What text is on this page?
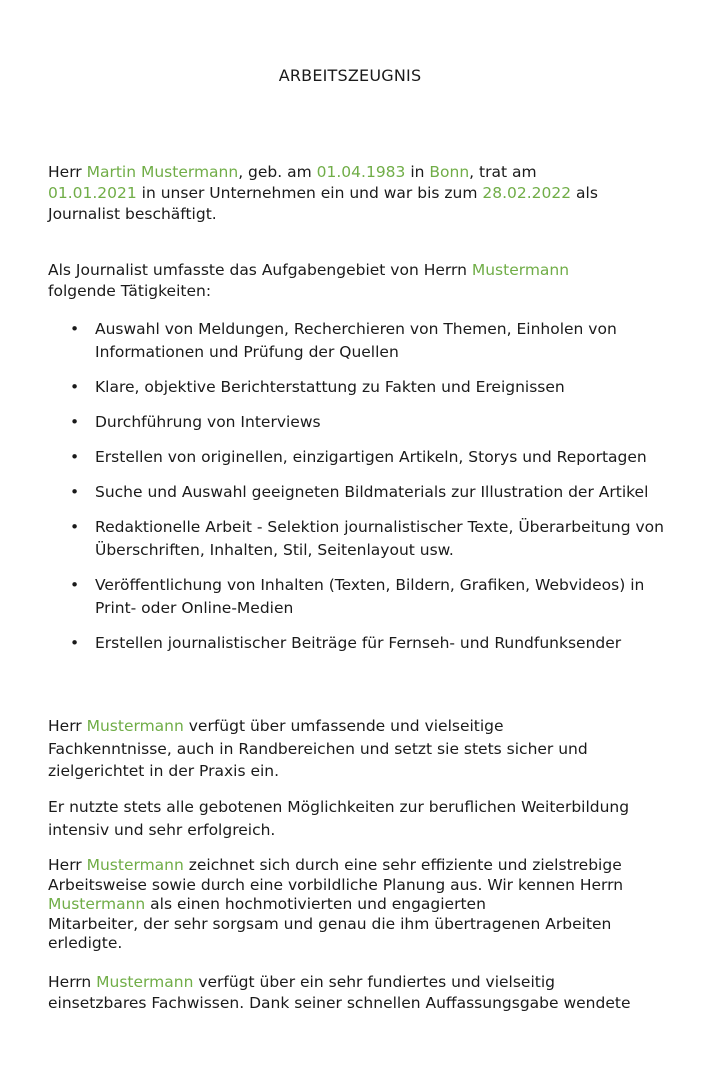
ARBEITSZEUGNIS

Herr Martin Mustermann, geb. am 01.04.1983 in Bonn, trat am
01.01.2021 in unser Unternehmen ein und war bis zum 28.02.2022 als
Journalist beschäftigt.

Als Journalist umfasste das Aufgabengebiet von Herrn Mustermann
folgende Tätigkeiten:

• Auswahl von Meldungen, Recherchieren von Themen, Einholen von Informationen und Prüfung der Quellen
• Klare, objektive Berichterstattung zu Fakten und Ereignissen
• Durchführung von Interviews
• Erstellen von originellen, einzigartigen Artikeln, Storys und Reportagen
• Suche und Auswahl geeigneten Bildmaterials zur Illustration der Artikel
• Redaktionelle Arbeit - Selektion journalistischer Texte, Überarbeitung von Überschriften, Inhalten, Stil, Seitenlayout usw.
• Veröffentlichung von Inhalten (Texten, Bildern, Grafiken, Webvideos) in Print- oder Online-Medien
• Erstellen journalistischer Beiträge für Fernseh- und Rundfunksender

Herr Mustermann verfügt über umfassende und vielseitige
Fachkenntnisse, auch in Randbereichen und setzt sie stets sicher und
zielgerichtet in der Praxis ein.

Er nutzte stets alle gebotenen Möglichkeiten zur beruflichen Weiterbildung
intensiv und sehr erfolgreich.

Herr Mustermann zeichnet sich durch eine sehr effiziente und zielstrebige
Arbeitsweise sowie durch eine vorbildliche Planung aus. Wir kennen Herrn
Mustermann als einen hochmotivierten und engagierten
Mitarbeiter, der sehr sorgsam und genau die ihm übertragenen Arbeiten
erledigte.

Herrn Mustermann verfügt über ein sehr fundiertes und vielseitig
einsetzbares Fachwissen. Dank seiner schnellen Auffassungsgabe wendete
